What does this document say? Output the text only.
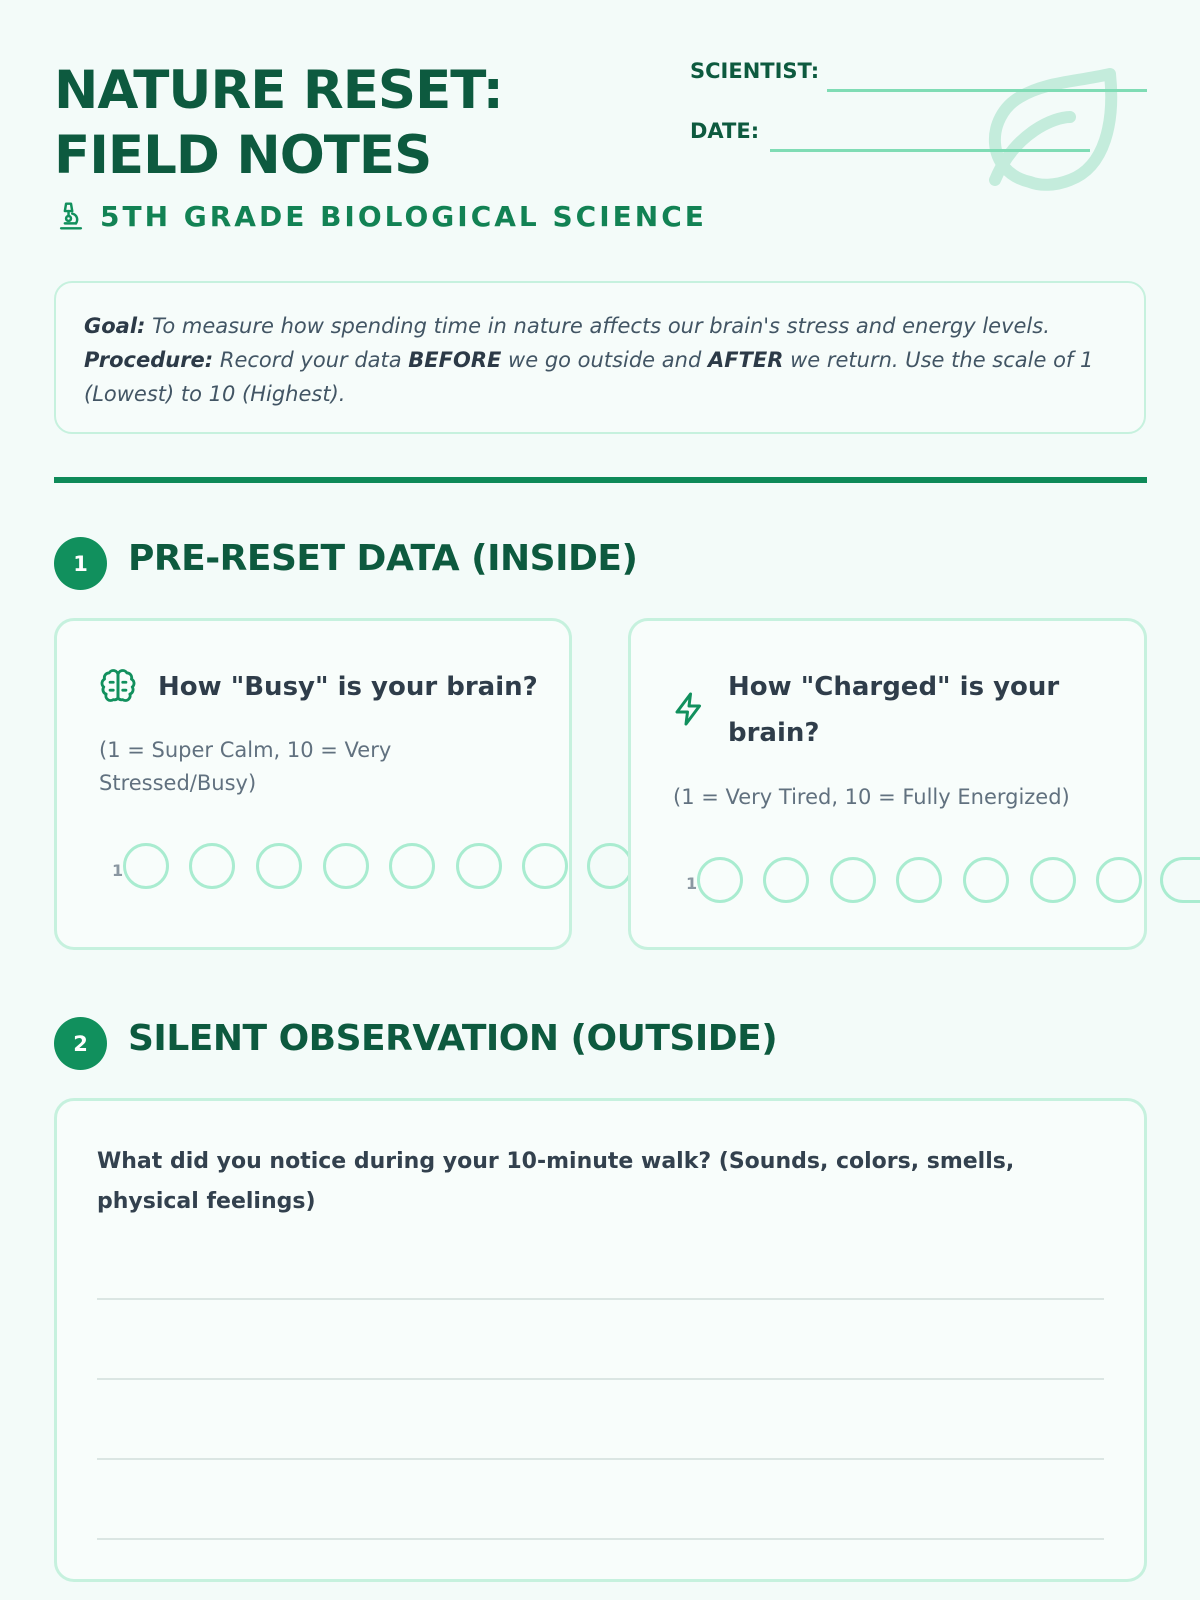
NATURE RESET:
FIELD NOTES
5TH GRADE BIOLOGICAL SCIENCE
SCIENTIST:
DATE:
Goal: To measure how spending time in nature affects our brain's stress and energy levels.
Procedure: Record your data BEFORE we go outside and AFTER we return. Use the scale of 1 (Lowest) to 10 (Highest).
1	PRE-RESET DATA (INSIDE)
How "Busy" is your brain?
(1 = Super Calm, 10 = Very Stressed/Busy)
1
How "Charged" is your brain?
(1 = Very Tired, 10 = Fully Energized)
1
2	SILENT OBSERVATION (OUTSIDE)

What did you notice during your 10-minute walk? (Sounds, colors, smells, physical feelings)
